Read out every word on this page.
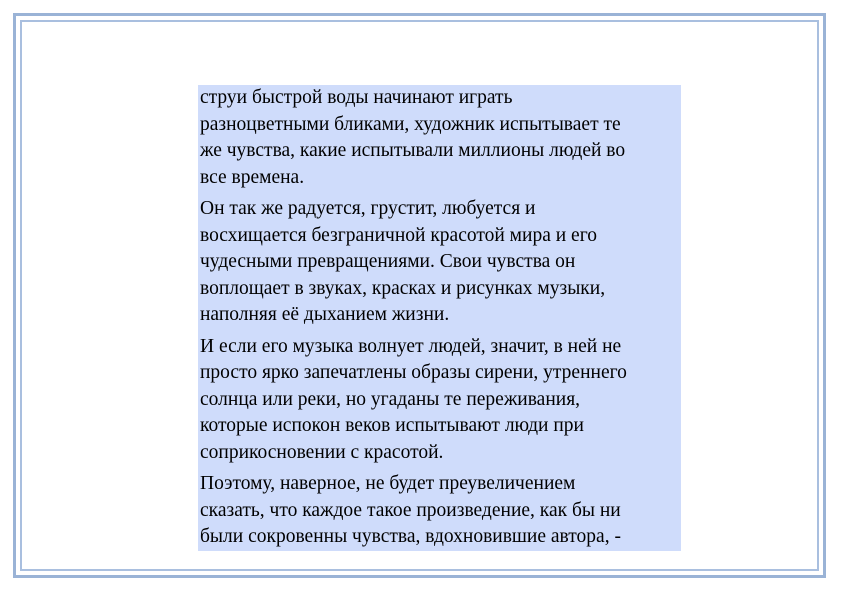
струи быстрой воды начинают играть
разноцветными бликами, художник испытывает те
же чувства, какие испытывали миллионы людей во
все времена.
Он так же радуется, грустит, любуется и
восхищается безграничной красотой мира и его
чудесными превращениями. Свои чувства он
воплощает в звуках, красках и рисунках музыки,
наполняя её дыханием жизни.
И если его музыка волнует людей, значит, в ней не
просто ярко запечатлены образы сирени, утреннего
солнца или реки, но угаданы те переживания,
которые испокон веков испытывают люди при
соприкосновении с красотой.
Поэтому, наверное, не будет преувеличением
сказать, что каждое такое произведение, как бы ни
были сокровенны чувства, вдохновившие автора, -
